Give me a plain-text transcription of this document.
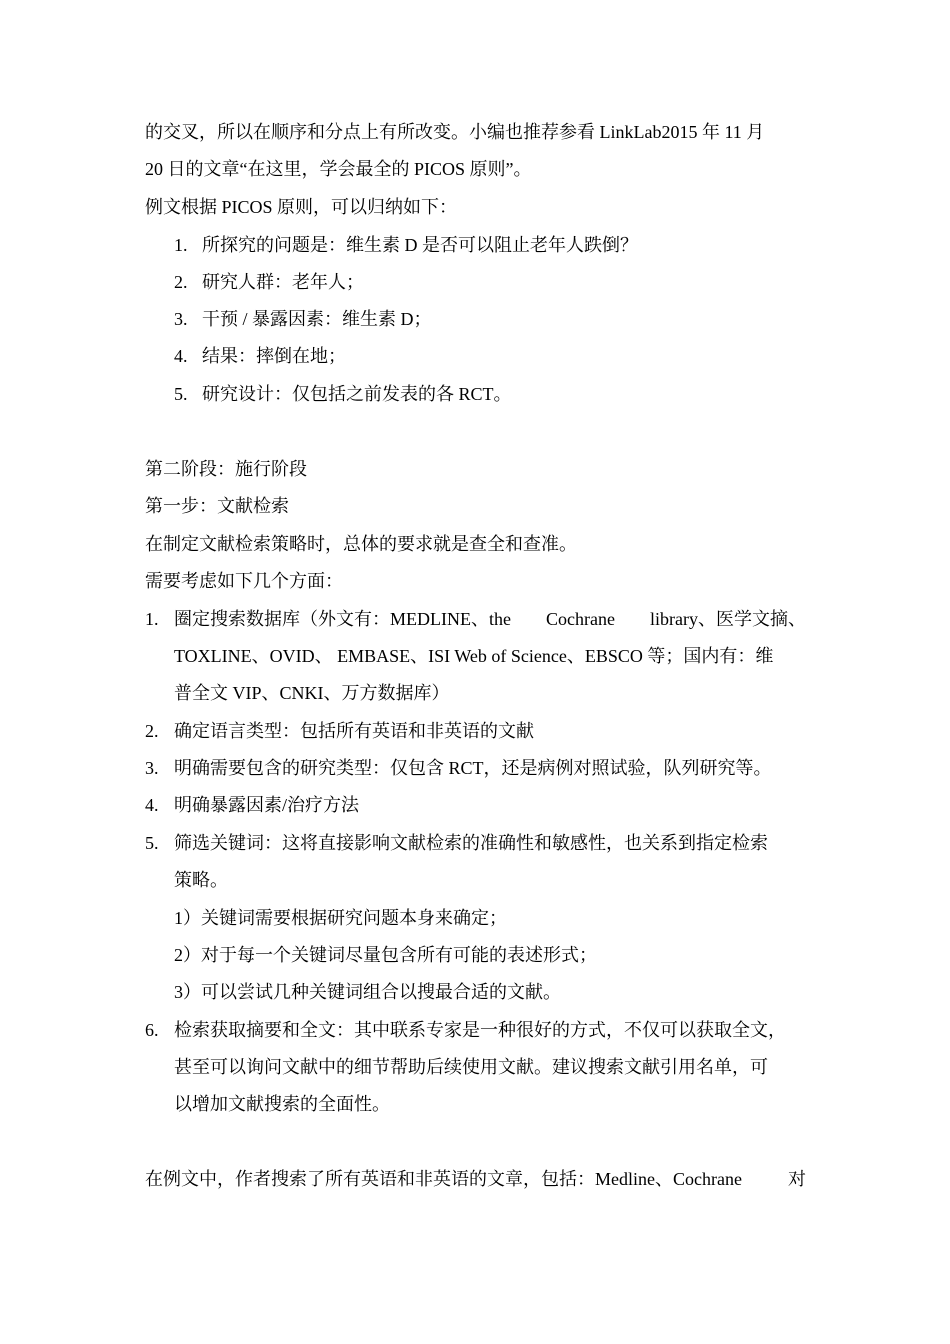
的交叉，所以在顺序和分点上有所改变。小编也推荐参看 LinkLab2015 年 11 月
20 日的文章“在这里，学会最全的 PICOS 原则”。
例文根据 PICOS 原则，可以归纳如下：
1. 所探究的问题是：维生素 D 是否可以阻止老年人跌倒？
2. 研究人群：老年人；
3. 干预 / 暴露因素：维生素 D；
4. 结果：摔倒在地；
5. 研究设计：仅包括之前发表的各 RCT。
第二阶段：施行阶段
第一步：文献检索
在制定文献检索策略时，总体的要求就是查全和查准。
需要考虑如下几个方面：
1. 圈定搜索数据库（外文有：MEDLINE、the Cochrane library、医学文摘、
TOXLINE、OVID、 EMBASE、ISI Web of Science、EBSCO 等；国内有：维
普全文 VIP、CNKI、万方数据库）
2. 确定语言类型：包括所有英语和非英语的文献
3. 明确需要包含的研究类型：仅包含 RCT，还是病例对照试验，队列研究等。
4. 明确暴露因素/治疗方法
5. 筛选关键词：这将直接影响文献检索的准确性和敏感性，也关系到指定检索
策略。
1）关键词需要根据研究问题本身来确定；
2）对于每一个关键词尽量包含所有可能的表述形式；
3）可以尝试几种关键词组合以搜最合适的文献。
6. 检索获取摘要和全文：其中联系专家是一种很好的方式，不仅可以获取全文，
甚至可以询问文献中的细节帮助后续使用文献。建议搜索文献引用名单，可
以增加文献搜索的全面性。
在例文中，作者搜索了所有英语和非英语的文章，包括：Medline、Cochrane	对
